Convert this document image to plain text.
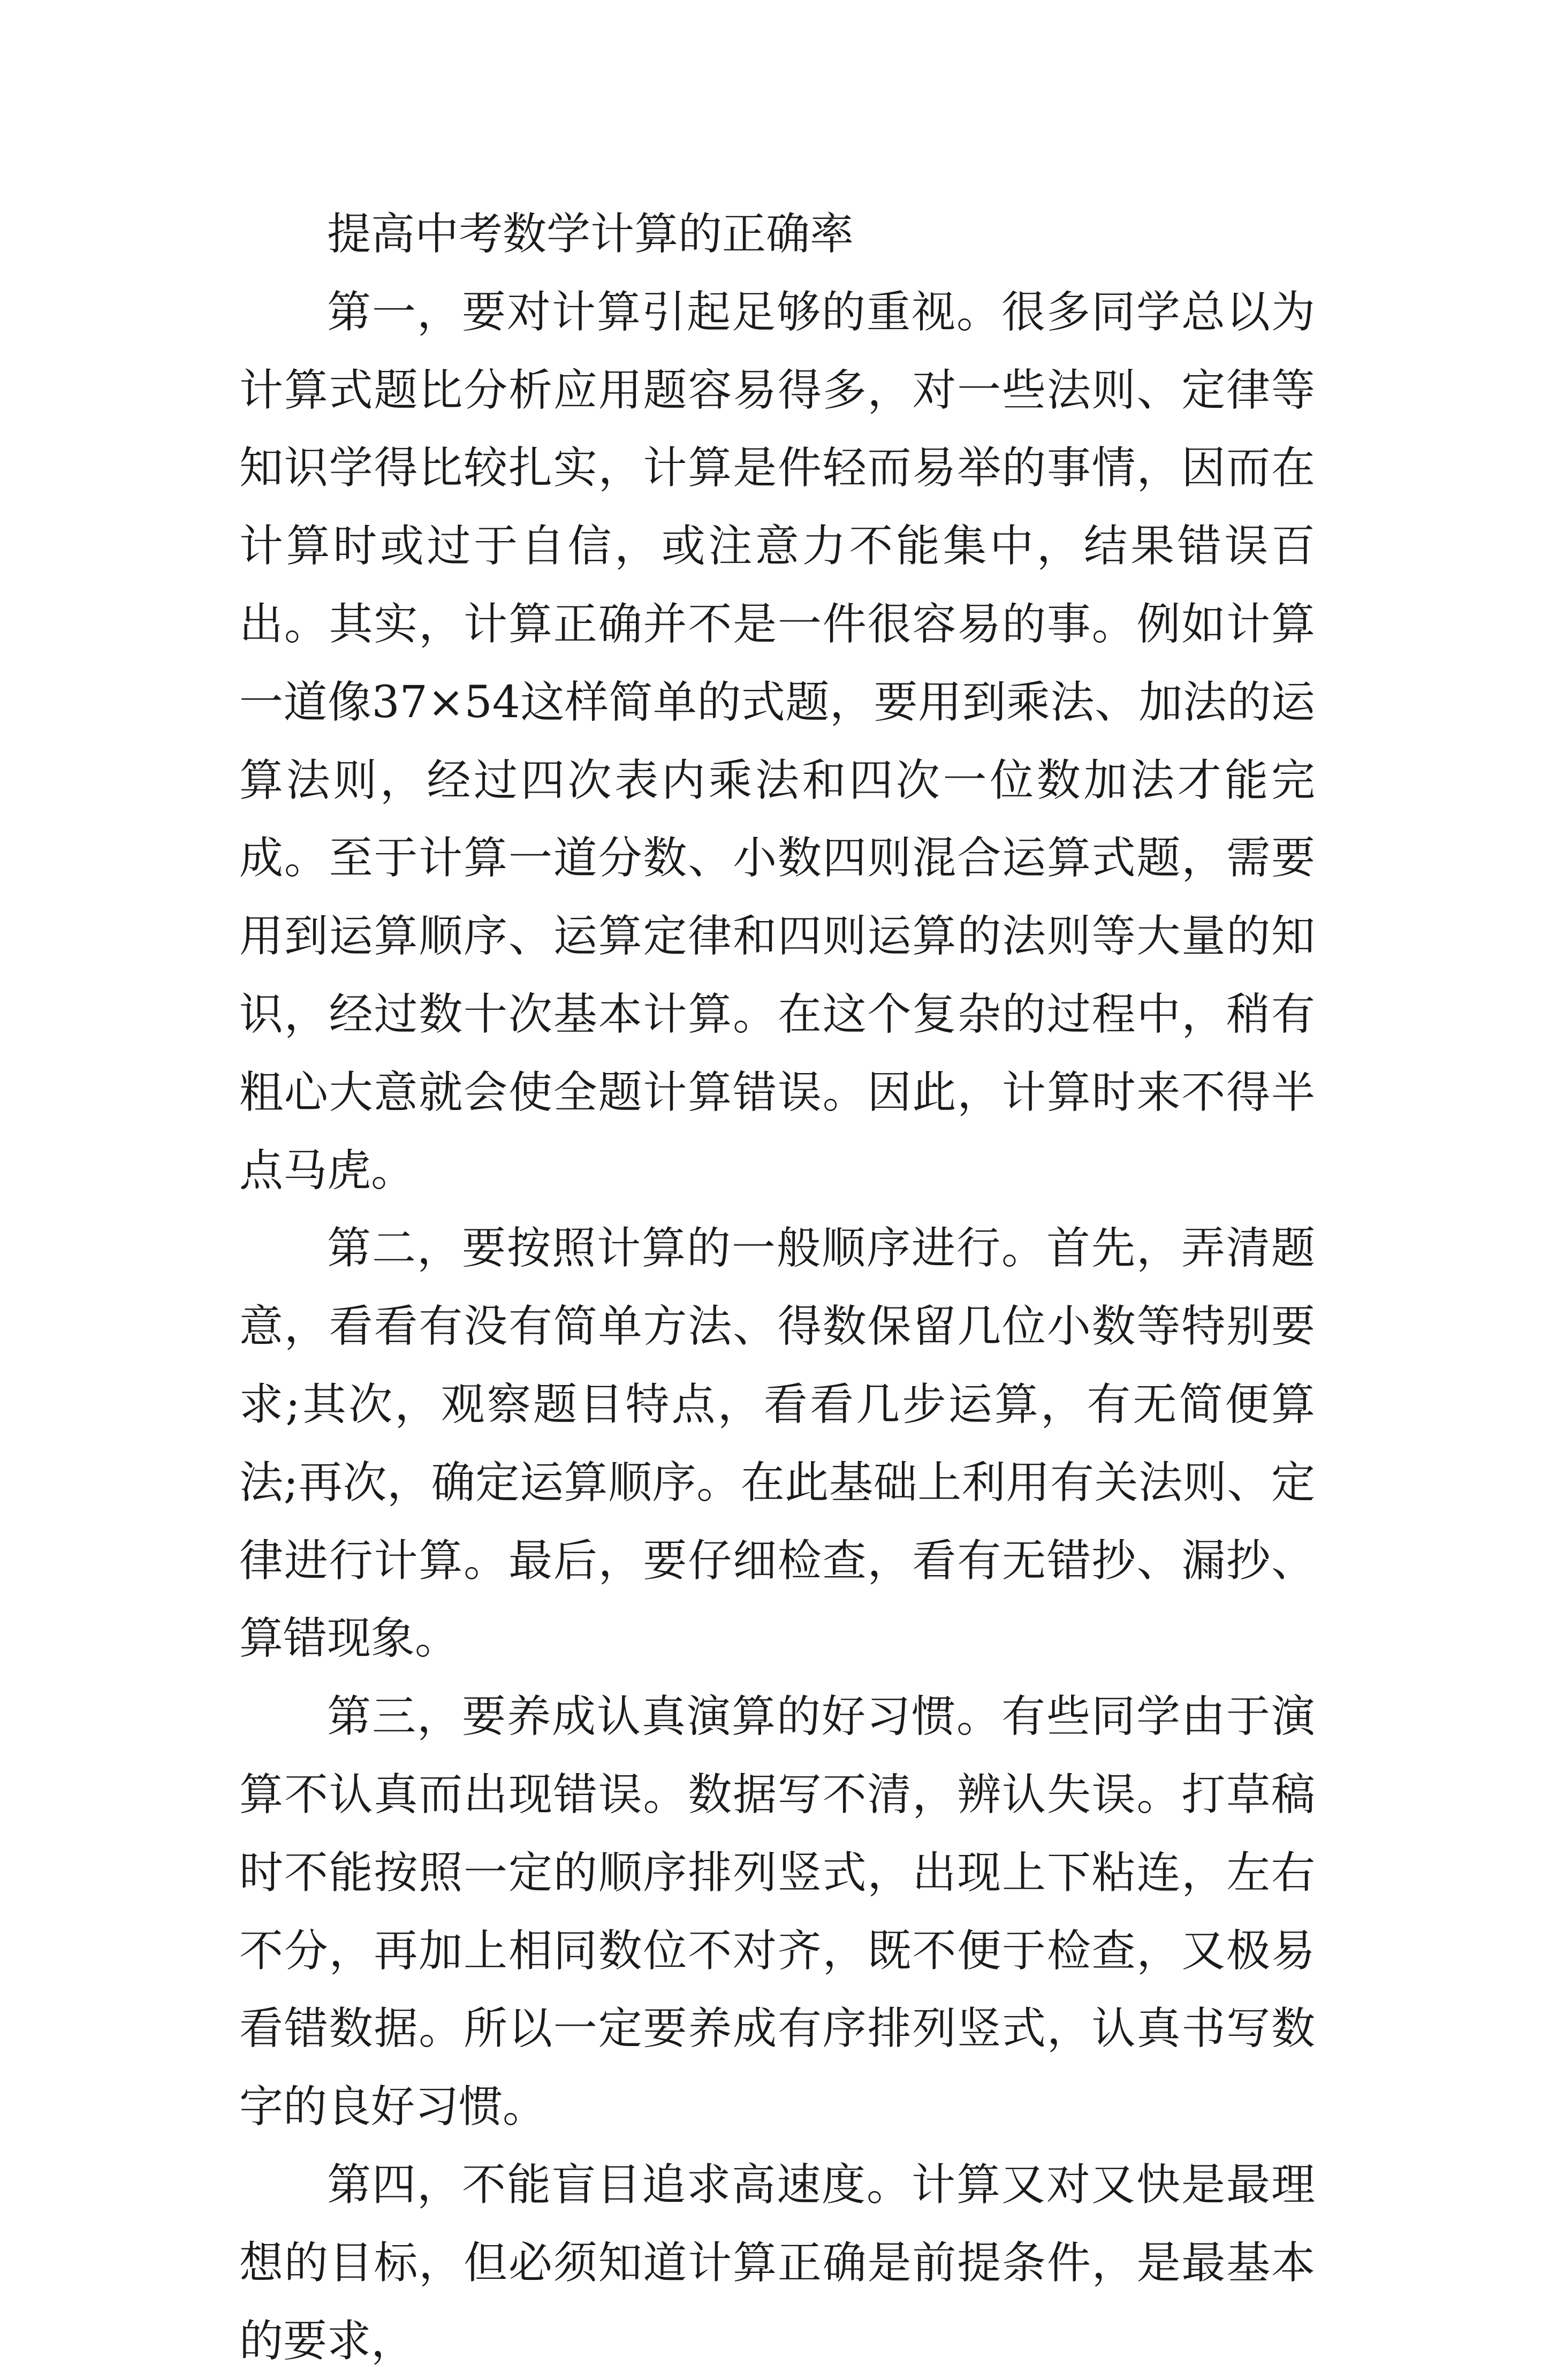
提高中考数学计算的正确率

第一，要对计算引起足够的重视。很多同学总以为计算式题比分析应用题容易得多，对一些法则、定律等知识学得比较扎实，计算是件轻而易举的事情，因而在计算时或过于自信，或注意力不能集中，结果错误百出。其实，计算正确并不是一件很容易的事。例如计算一道像37×54这样简单的式题，要用到乘法、加法的运算法则，经过四次表内乘法和四次一位数加法才能完成。至于计算一道分数、小数四则混合运算式题，需要用到运算顺序、运算定律和四则运算的法则等大量的知识，经过数十次基本计算。在这个复杂的过程中，稍有粗心大意就会使全题计算错误。因此，计算时来不得半点马虎。

第二，要按照计算的一般顺序进行。首先，弄清题意，看看有没有简单方法、得数保留几位小数等特别要求;其次，观察题目特点，看看几步运算，有无简便算法;再次，确定运算顺序。在此基础上利用有关法则、定律进行计算。最后，要仔细检查，看有无错抄、漏抄、算错现象。

第三，要养成认真演算的好习惯。有些同学由于演算不认真而出现错误。数据写不清，辨认失误。打草稿时不能按照一定的顺序排列竖式，出现上下粘连，左右不分，再加上相同数位不对齐，既不便于检查，又极易看错数据。所以一定要养成有序排列竖式，认真书写数字的良好习惯。

第四，不能盲目追求高速度。计算又对又快是最理想的目标，但必须知道计算正确是前提条件，是最基本的要求，
